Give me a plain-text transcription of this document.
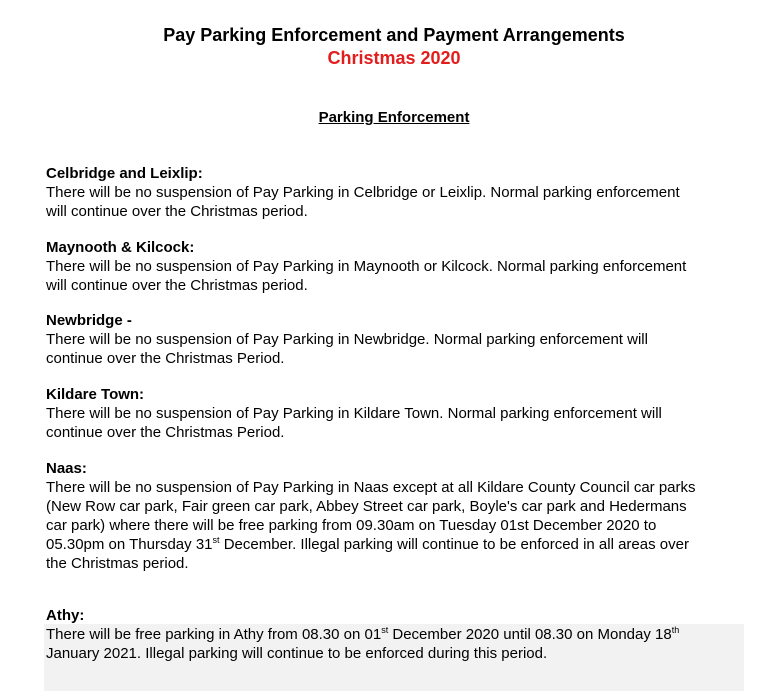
Pay Parking Enforcement and Payment Arrangements
Christmas 2020
Parking Enforcement
Celbridge and Leixlip:

There will be no suspension of Pay Parking in Celbridge or Leixlip. Normal parking enforcement

will continue over the Christmas period.

Maynooth & Kilcock:

There will be no suspension of Pay Parking in Maynooth or Kilcock. Normal parking enforcement

will continue over the Christmas period.

Newbridge -

There will be no suspension of Pay Parking in Newbridge. Normal parking enforcement will

continue over the Christmas Period.

Kildare Town:

There will be no suspension of Pay Parking in Kildare Town. Normal parking enforcement will

continue over the Christmas Period.

Naas:

There will be no suspension of Pay Parking in Naas except at all Kildare County Council car parks

(New Row car park, Fair green car park, Abbey Street car park, Boyle's car park and Hedermans

car park) where there will be free parking from 09.30am on Tuesday 01st December 2020 to

05.30pm on Thursday 31st December. Illegal parking will continue to be enforced in all areas over

the Christmas period.

Athy:

There will be free parking in Athy from 08.30 on 01st December 2020 until 08.30 on Monday 18th

January 2021. Illegal parking will continue to be enforced during this period.
